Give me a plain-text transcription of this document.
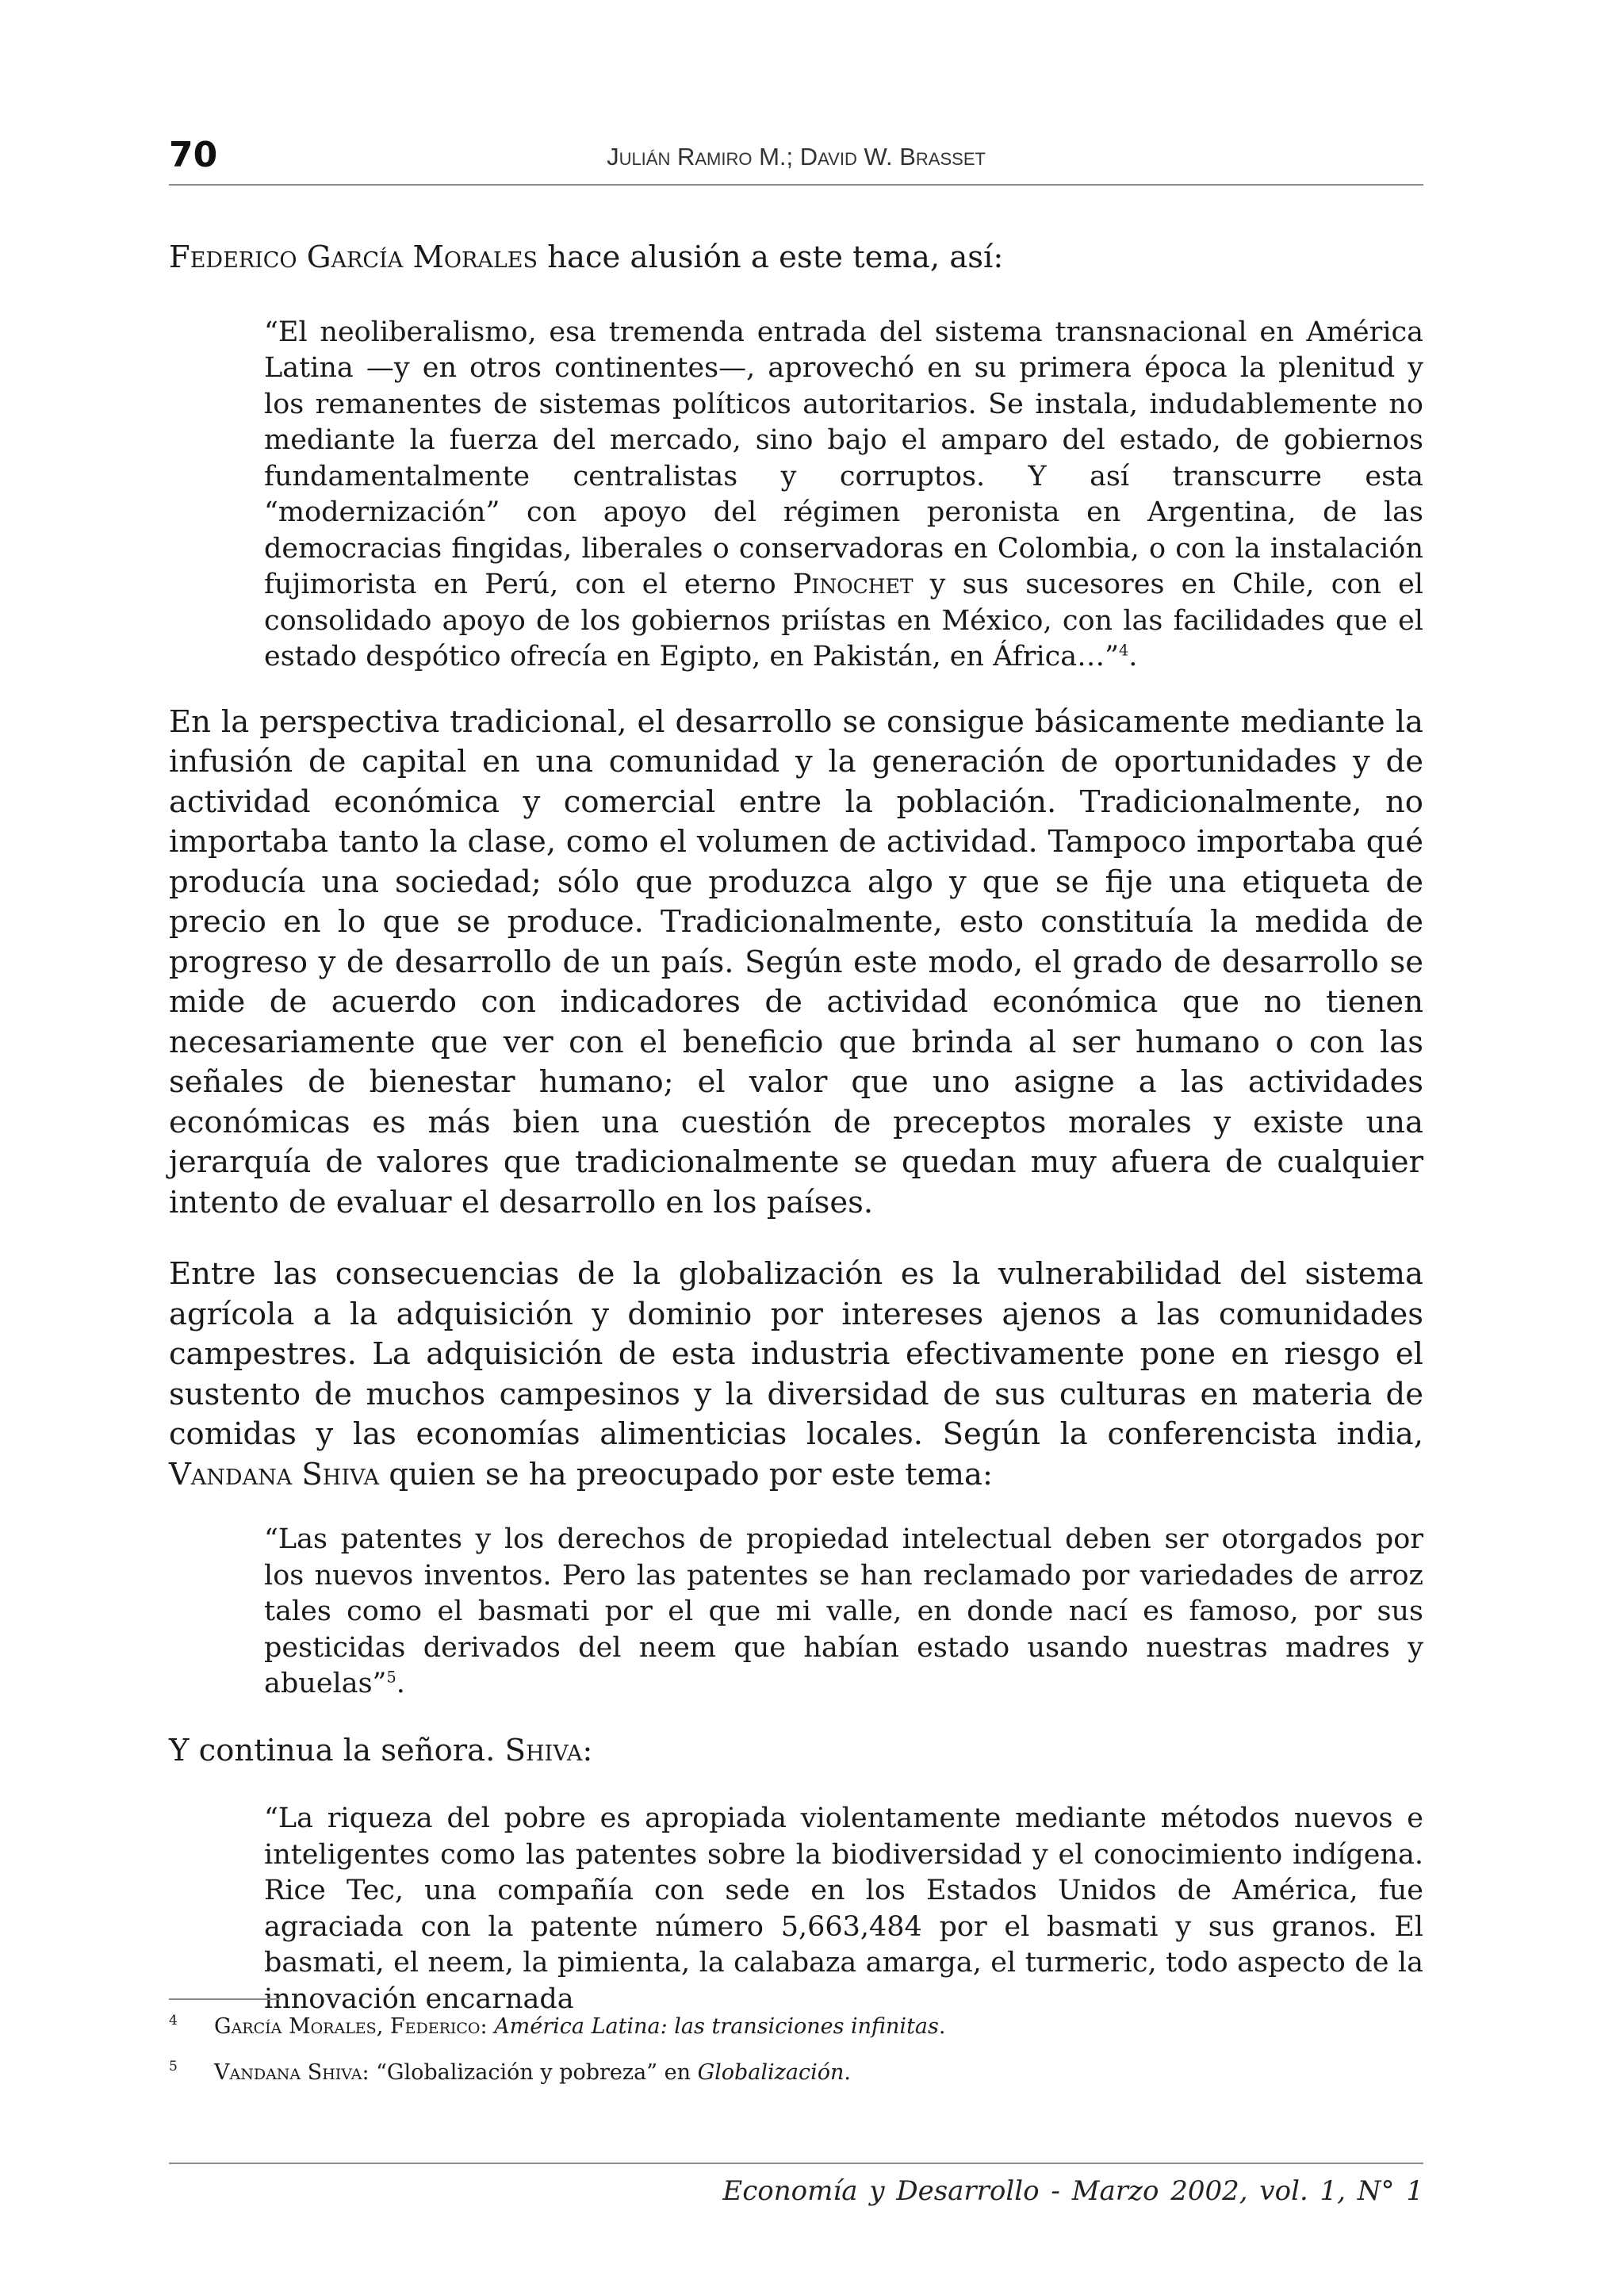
70	Julián Ramiro M.; David W. Brasset

Federico García Morales hace alusión a este tema, así:

“El neoliberalismo, esa tremenda entrada del sistema transnacional en América Latina —y en otros continentes—, aprovechó en su primera época la plenitud y los remanentes de sistemas políticos autoritarios. Se instala, indudablemente no mediante la fuerza del mercado, sino bajo el amparo del estado, de gobiernos fundamentalmente centralistas y corruptos. Y así transcurre esta “modernización” con apoyo del régimen peronista en Argentina, de las democracias fingidas, liberales o conservadoras en Colombia, o con la instalación fujimorista en Perú, con el eterno Pinochet y sus sucesores en Chile, con el consolidado apoyo de los gobiernos priístas en México, con las facilidades que el estado despótico ofrecía en Egipto, en Pakistán, en África…”$^4$.

En la perspectiva tradicional, el desarrollo se consigue básicamente mediante la infusión de capital en una comunidad y la generación de oportunidades y de actividad económica y comercial entre la población. Tradicionalmente, no importaba tanto la clase, como el volumen de actividad. Tampoco importaba qué producía una sociedad; sólo que produzca algo y que se fije una etiqueta de precio en lo que se produce. Tradicionalmente, esto constituía la medida de progreso y de desarrollo de un país. Según este modo, el grado de desarrollo se mide de acuerdo con indicadores de actividad económica que no tienen necesariamente que ver con el beneficio que brinda al ser humano o con las señales de bienestar humano; el valor que uno asigne a las actividades económicas es más bien una cuestión de preceptos morales y existe una jerarquía de valores que tradicionalmente se quedan muy afuera de cualquier intento de evaluar el desarrollo en los países.

Entre las consecuencias de la globalización es la vulnerabilidad del sistema agrícola a la adquisición y dominio por intereses ajenos a las comunidades campestres. La adquisición de esta industria efectivamente pone en riesgo el sustento de muchos campesinos y la diversidad de sus culturas en materia de comidas y las economías alimenticias locales. Según la conferencista india, Vandana Shiva quien se ha preocupado por este tema:

“Las patentes y los derechos de propiedad intelectual deben ser otorgados por los nuevos inventos. Pero las patentes se han reclamado por variedades de arroz tales como el basmati por el que mi valle, en donde nací es famoso, por sus pesticidas derivados del neem que habían estado usando nuestras madres y abuelas”$^5$.

Y continua la señora. Shiva:

“La riqueza del pobre es apropiada violentamente mediante métodos nuevos e inteligentes como las patentes sobre la biodiversidad y el conocimiento indígena. Rice Tec, una compañía con sede en los Estados Unidos de América, fue agraciada con la patente número 5,663,484 por el basmati y sus granos. El basmati, el neem, la pimienta, la calabaza amarga, el turmeric, todo aspecto de la innovación encarnada

4 García Morales, Federico: América Latina: las transiciones infinitas.
5 Vandana Shiva: “Globalización y pobreza” en Globalización.
Economía y Desarrollo - Marzo 2002, vol. 1, N° 1
